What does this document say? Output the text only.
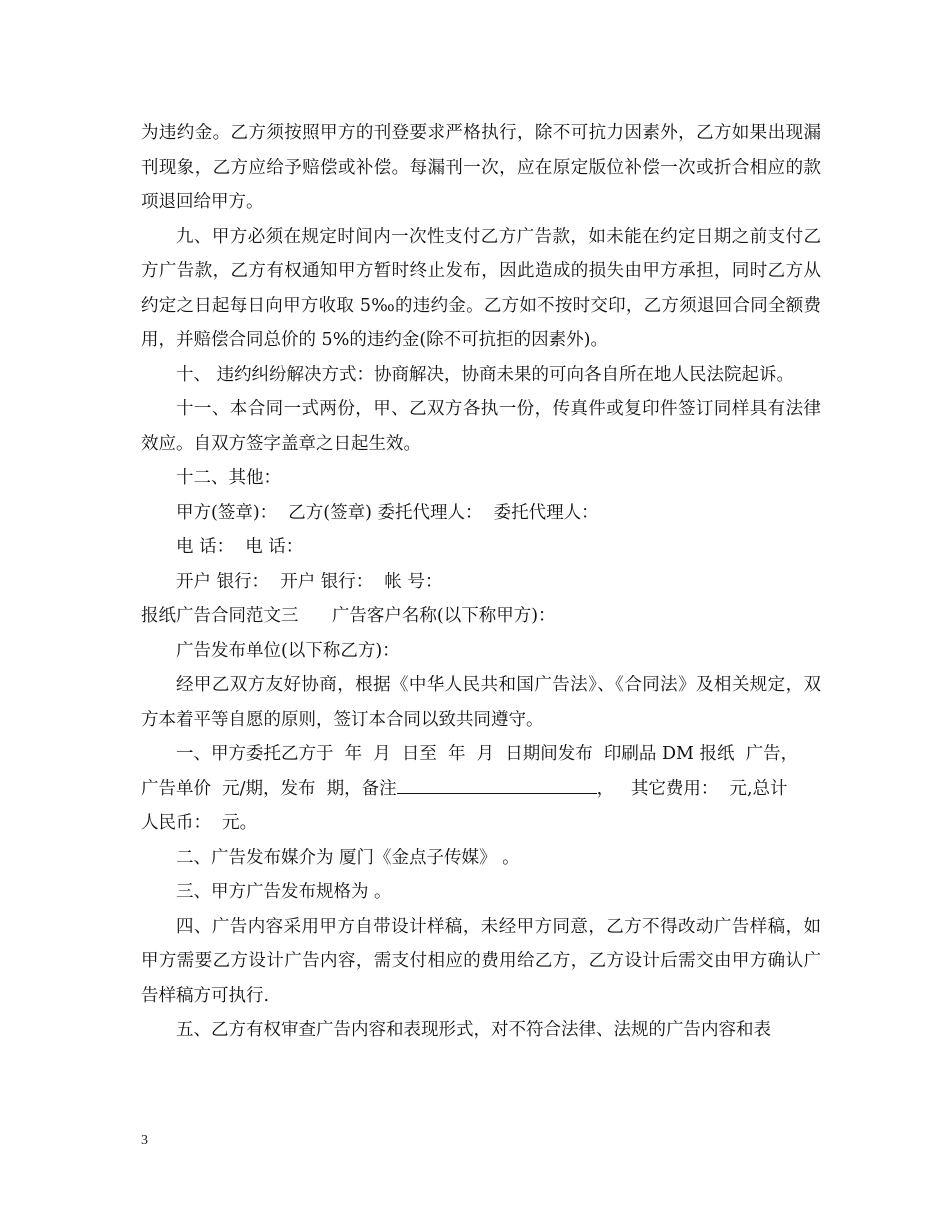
为违约金。乙方须按照甲方的刊登要求严格执行，除不可抗力因素外，乙方如果出现漏刊现象，乙方应给予赔偿或补偿。每漏刊一次，应在原定版位补偿一次或折合相应的款项退回给甲方。

九、甲方必须在规定时间内一次性支付乙方广告款，如未能在约定日期之前支付乙方广告款，乙方有权通知甲方暂时终止发布，因此造成的损失由甲方承担，同时乙方从约定之日起每日向甲方收取 5‰的违约金。乙方如不按时交印，乙方须退回合同全额费用，并赔偿合同总价的 5%的违约金(除不可抗拒的因素外)。

十、 违约纠纷解决方式：协商解决，协商未果的可向各自所在地人民法院起诉。

十一、本合同一式两份，甲、乙双方各执一份，传真件或复印件签订同样具有法律效应。自双方签字盖章之日起生效。

十二、其他：

甲方(签章)：  乙方(签章) 委托代理人：  委托代理人：

电 话：  电 话：

开户 银行：  开户 银行：  帐 号：

报纸广告合同范文三      广告客户名称(以下称甲方)：

广告发布单位(以下称乙方)：

经甲乙双方友好协商，根据《中华人民共和国广告法》、《合同法》及相关规定，双方本着平等自愿的原则，签订本合同以致共同遵守。

一、甲方委托乙方于  年  月  日至  年  月  日期间发布  印刷品 DM 报纸  广告，

广告单价  元/期，发布  期，备注	，   其它费用：  元,总计

人民币：  元。

二、广告发布媒介为 厦门《金点子传媒》 。

三、甲方广告发布规格为 。

四、广告内容采用甲方自带设计样稿，未经甲方同意，乙方不得改动广告样稿，如甲方需要乙方设计广告内容，需支付相应的费用给乙方，乙方设计后需交由甲方确认广告样稿方可执行.

五、乙方有权审查广告内容和表现形式，对不符合法律、法规的广告内容和表

3
